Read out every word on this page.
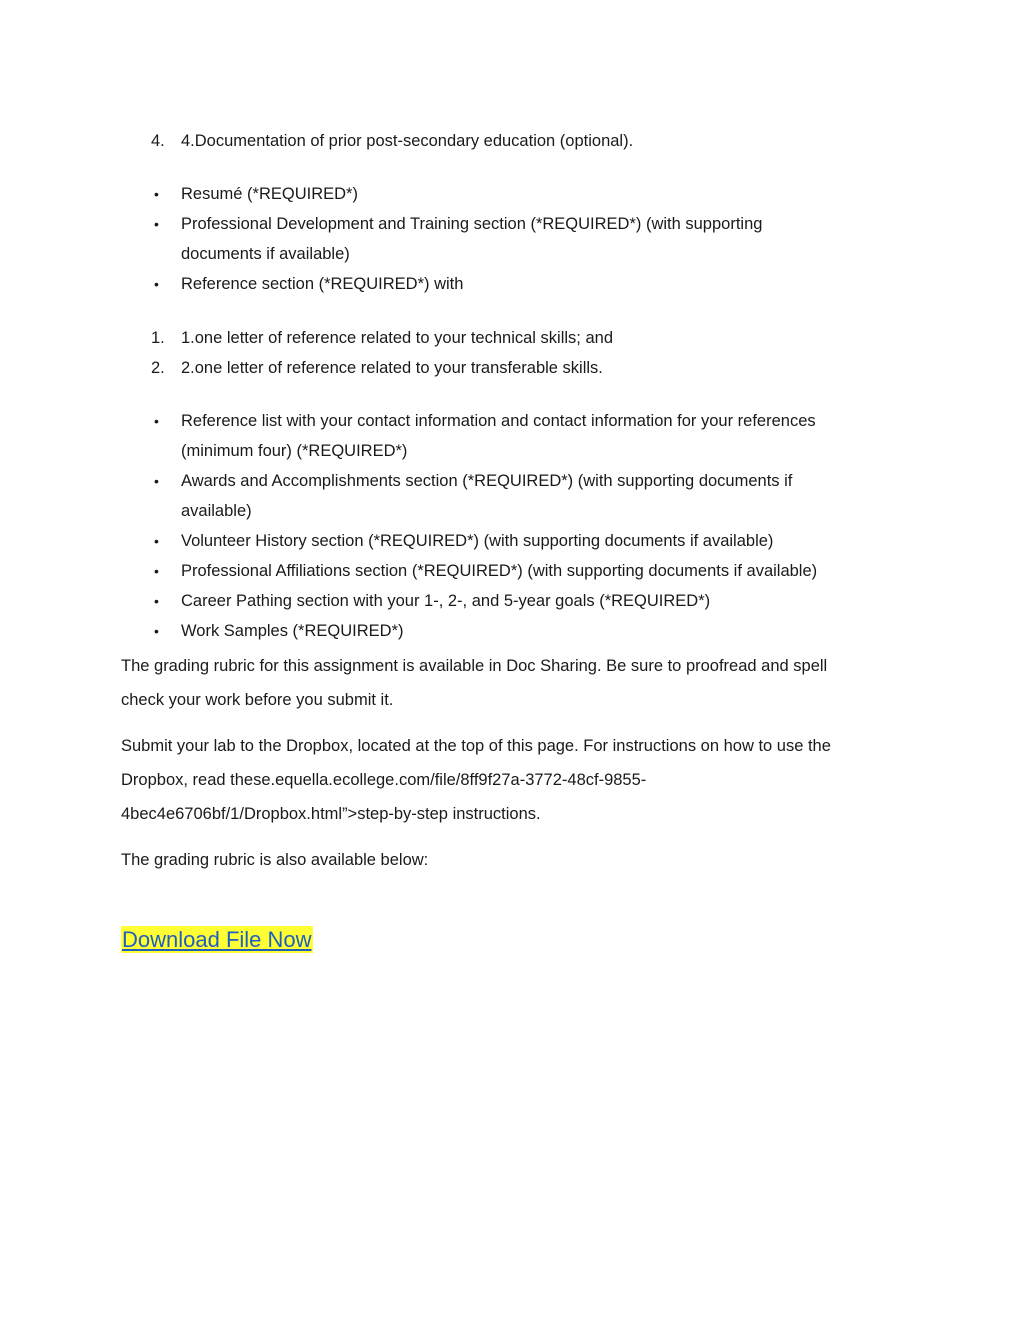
4. 4.Documentation of prior post-secondary education (optional).
• Resumé (*REQUIRED*)
• Professional Development and Training section (*REQUIRED*) (with supporting
documents if available)
• Reference section (*REQUIRED*) with
1. 1.one letter of reference related to your technical skills; and
2. 2.one letter of reference related to your transferable skills.
• Reference list with your contact information and contact information for your references
(minimum four) (*REQUIRED*)
• Awards and Accomplishments section (*REQUIRED*) (with supporting documents if
available)
• Volunteer History section (*REQUIRED*) (with supporting documents if available)
• Professional Affiliations section (*REQUIRED*) (with supporting documents if available)
• Career Pathing section with your 1-, 2-, and 5-year goals (*REQUIRED*)
• Work Samples (*REQUIRED*)
The grading rubric for this assignment is available in Doc Sharing. Be sure to proofread and spell
check your work before you submit it.
Submit your lab to the Dropbox, located at the top of this page. For instructions on how to use the
Dropbox, read these.equella.ecollege.com/file/8ff9f27a-3772-48cf-9855-
4bec4e6706bf/1/Dropbox.html”>step-by-step instructions.
The grading rubric is also available below:
Download File Now
